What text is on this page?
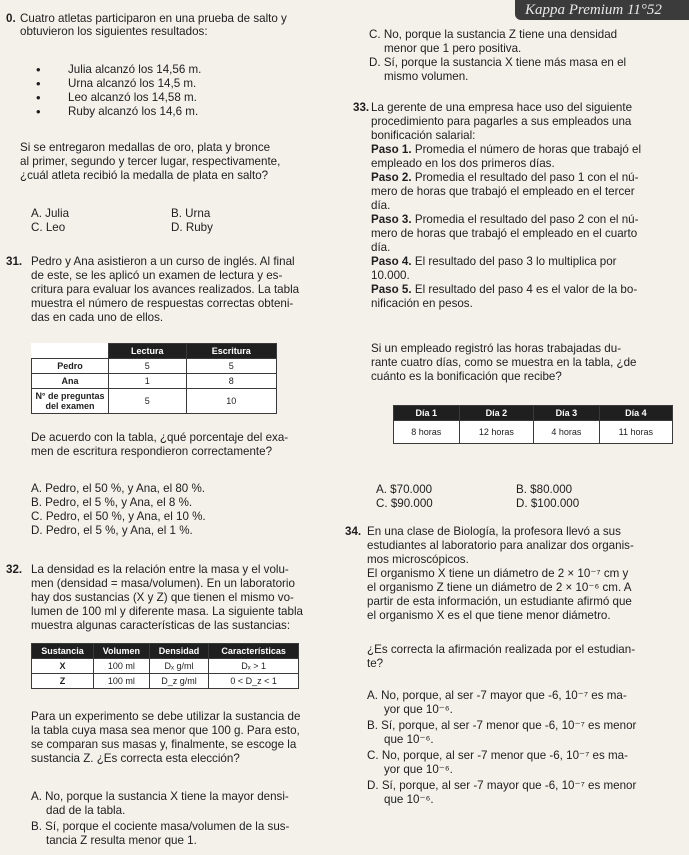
Kappa Premium 11°52
0. Cuatro atletas participaron en una prueba de salto y obtuvieron los siguientes resultados:

• Julia alcanzó los 14,56 m.
• Urna alcanzó los 14,5 m.
• Leo alcanzó los 14,58 m.
• Ruby alcanzó los 14,6 m.

Si se entregaron medallas de oro, plata y bronce

al primer, segundo y tercer lugar, respectivamente,

¿cuál atleta recibió la medalla de plata en salto?

A. Julia	B. Urna
C. Leo	D. Ruby
31. Pedro y Ana asistieron a un curso de inglés. Al final

de este, se les aplicó un examen de lectura y es-

critura para evaluar los avances realizados. La tabla

muestra el número de respuestas correctas obteni-

das en cada uno de ellos.

	Lectura	Escritura
Pedro	5	5
Ana	1	8
N° de preguntas del examen	5	10

De acuerdo con la tabla, ¿qué porcentaje del exa-

men de escritura respondieron correctamente?

A. Pedro, el 50 %, y Ana, el 80 %.
B. Pedro, el 5 %, y Ana, el 8 %.
C. Pedro, el 50 %, y Ana, el 10 %.
D. Pedro, el 5 %, y Ana, el 1 %.
32. La densidad es la relación entre la masa y el volu-

men (densidad = masa/volumen). En un laboratorio

hay dos sustancias (X y Z) que tienen el mismo vo-

lumen de 100 ml y diferente masa. La siguiente tabla

muestra algunas características de las sustancias:

Sustancia	Volumen	Densidad	Características
X	100 ml	Dₓ g/ml	Dₓ > 1
Z	100 ml	D_z g/ml	0 < D_z < 1

Para un experimento se debe utilizar la sustancia de

la tabla cuya masa sea menor que 100 g. Para esto,

se comparan sus masas y, finalmente, se escoge la

sustancia Z. ¿Es correcta esta elección?

A. No, porque la sustancia X tiene la mayor densi-
dad de la tabla.
B. Sí, porque el cociente masa/volumen de la sus-
tancia Z resulta menor que 1.
C. No, porque la sustancia Z tiene una densidad
menor que 1 pero positiva.
D. Sí, porque la sustancia X tiene más masa en el
mismo volumen.
33. La gerente de una empresa hace uso del siguiente

procedimiento para pagarles a sus empleados una

bonificación salarial:

Paso 1. Promedia el número de horas que trabajó el

empleado en los dos primeros días.

Paso 2. Promedia el resultado del paso 1 con el nú-

mero de horas que trabajó el empleado en el tercer

día.

Paso 3. Promedia el resultado del paso 2 con el nú-

mero de horas que trabajó el empleado en el cuarto

día.

Paso 4. El resultado del paso 3 lo multiplica por

10.000.

Paso 5. El resultado del paso 4 es el valor de la bo-

nificación en pesos.

Si un empleado registró las horas trabajadas du-

rante cuatro días, como se muestra en la tabla, ¿de

cuánto es la bonificación que recibe?

Día 1	Día 2	Día 3	Día 4
8 horas	12 horas	4 horas	11 horas
A. $70.000	B. $80.000
C. $90.000	D. $100.000
34. En una clase de Biología, la profesora llevó a sus

estudiantes al laboratorio para analizar dos organis-

mos microscópicos.

El organismo X tiene un diámetro de 2 × 10⁻⁷ cm y

el organismo Z tiene un diámetro de 2 × 10⁻⁶ cm. A

partir de esta información, un estudiante afirmó que

el organismo X es el que tiene menor diámetro.

¿Es correcta la afirmación realizada por el estudian-

te?

A. No, porque, al ser -7 mayor que -6, 10⁻⁷ es ma-
yor que 10⁻⁶.
B. Sí, porque, al ser -7 menor que -6, 10⁻⁷ es menor
que 10⁻⁶.
C. No, porque, al ser -7 menor que -6, 10⁻⁷ es ma-
yor que 10⁻⁶.
D. Sí, porque, al ser -7 mayor que -6, 10⁻⁷ es menor
que 10⁻⁶.
